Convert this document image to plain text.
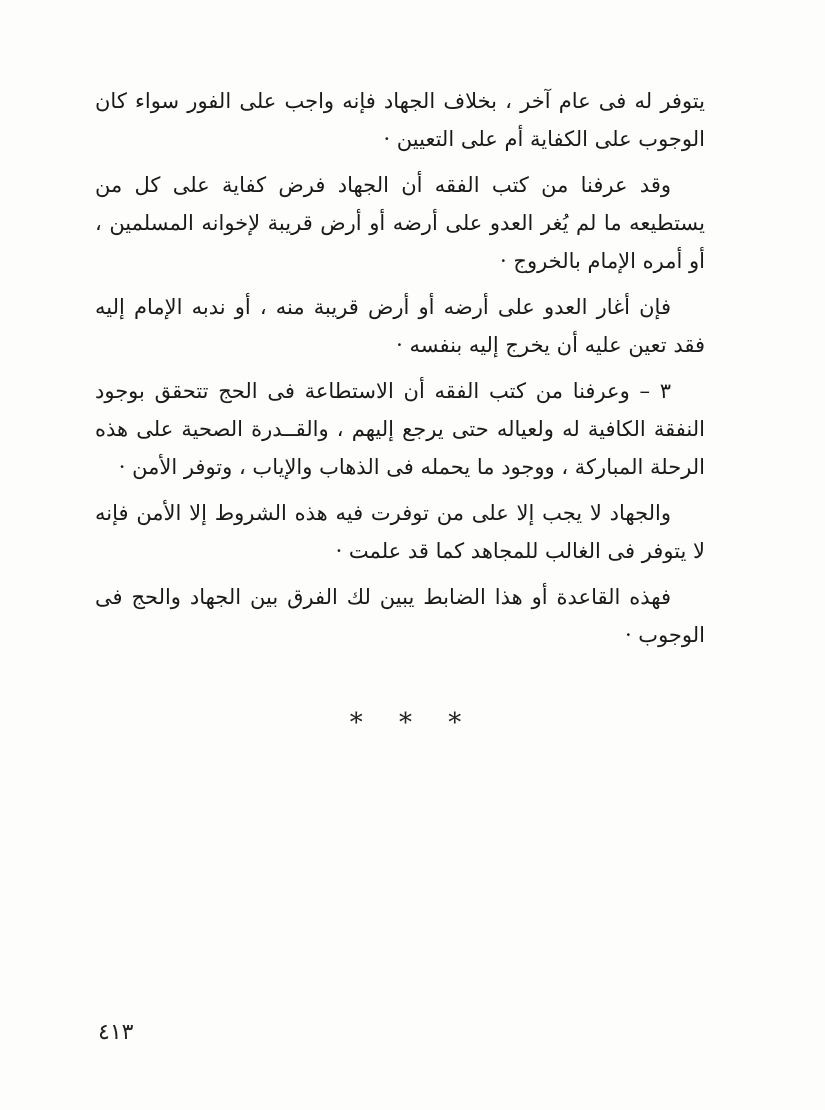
يتوفر له فى عام آخر ، بخلاف الجهاد فإنه واجب على الفور سواء كان الوجوب على الكفاية أم على التعيين ·

وقد عرفنا من كتب الفقه أن الجهاد فرض كفاية على كل من يستطيعه ما لم يُغر العدو على أرضه أو أرض قريبة لإخوانه المسلمين ، أو أمره الإمام بالخروج ·

فإن أغار العدو على أرضه أو أرض قريبة منه ، أو ندبه الإمام إليه فقد تعين عليه أن يخرج إليه بنفسه ·

٣ – وعرفنا من كتب الفقه أن الاستطاعة فى الحج تتحقق بوجود النفقة الكافية له ولعياله حتى يرجع إليهم ، والقــدرة الصحية على هذه الرحلة المباركة ، ووجود ما يحمله فى الذهاب والإياب ، وتوفر الأمن ·

والجهاد لا يجب إلا على من توفرت فيه هذه الشروط إلا الأمن فإنه لا يتوفر فى الغالب للمجاهد كما قد علمت ·

فهذه القاعدة أو هذا الضابط يبين لك الفرق بين الجهاد والحج فى الوجوب ·

* * *
٤١٣
